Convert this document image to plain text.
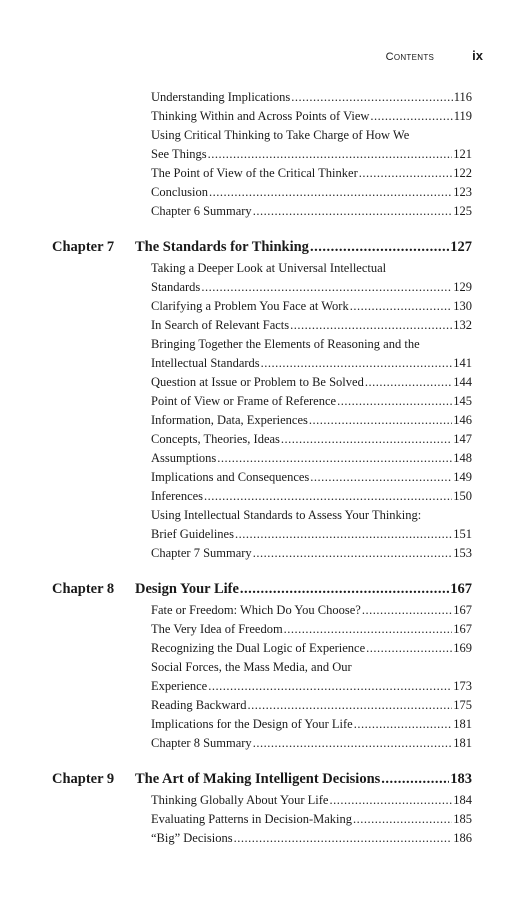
Contents	ix
Understanding Implications .....	116
Thinking Within and Across Points of View .....	119
Using Critical Thinking to Take Charge of How We
See Things .....	121
The Point of View of the Critical Thinker .....	122
Conclusion .....	123
Chapter 6 Summary .....	125
Chapter 7 The Standards for Thinking .....	127
Taking a Deeper Look at Universal Intellectual
Standards .....	129
Clarifying a Problem You Face at Work .....	130
In Search of Relevant Facts .....	132
Bringing Together the Elements of Reasoning and the
Intellectual Standards .....	141
Question at Issue or Problem to Be Solved .....	144
Point of View or Frame of Reference .....	145
Information, Data, Experiences .....	146
Concepts, Theories, Ideas .....	147
Assumptions .....	148
Implications and Consequences .....	149
Inferences .....	150
Using Intellectual Standards to Assess Your Thinking:
Brief Guidelines .....	151
Chapter 7 Summary .....	153
Chapter 8 Design Your Life .....	167
Fate or Freedom: Which Do You Choose? .....	167
The Very Idea of Freedom .....	167
Recognizing the Dual Logic of Experience .....	169
Social Forces, the Mass Media, and Our
Experience .....	173
Reading Backward .....	175
Implications for the Design of Your Life .....	181
Chapter 8 Summary .....	181
Chapter 9 The Art of Making Intelligent Decisions .....	183
Thinking Globally About Your Life .....	184
Evaluating Patterns in Decision-Making .....	185
“Big” Decisions .....	186
